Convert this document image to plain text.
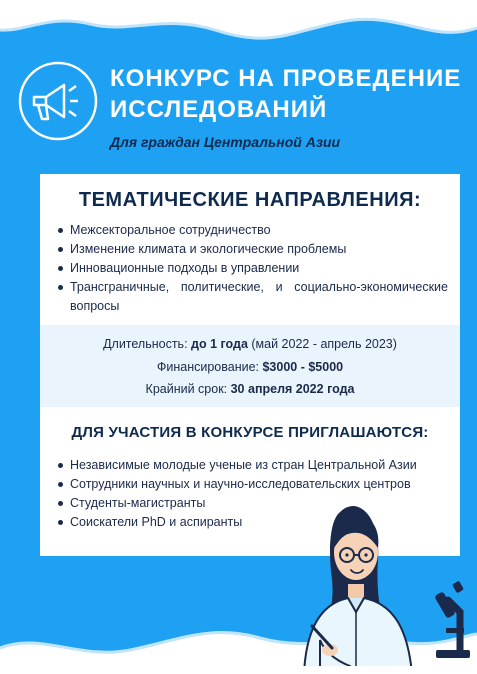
КОНКУРС НА ПРОВЕДЕНИЕ
ИССЛЕДОВАНИЙ
Для граждан Центральной Азии
ТЕМАТИЧЕСКИЕ НАПРАВЛЕНИЯ:
Межсекторальное сотрудничество
Изменение климата и экологические проблемы
Инновационные подходы в управлении
Трансграничные, политические, и социально-экономические вопросы
Длительность: до 1 года (май 2022 - апрель 2023)
Финансирование: $3000 - $5000
Крайний срок: 30 апреля 2022 года
ДЛЯ УЧАСТИЯ В КОНКУРСЕ ПРИГЛАШАЮТСЯ:
Независимые молодые ученые из стран Центральной Азии
Сотрудники научных и научно-исследовательских центров
Студенты-магистранты
Соискатели PhD и аспиранты
